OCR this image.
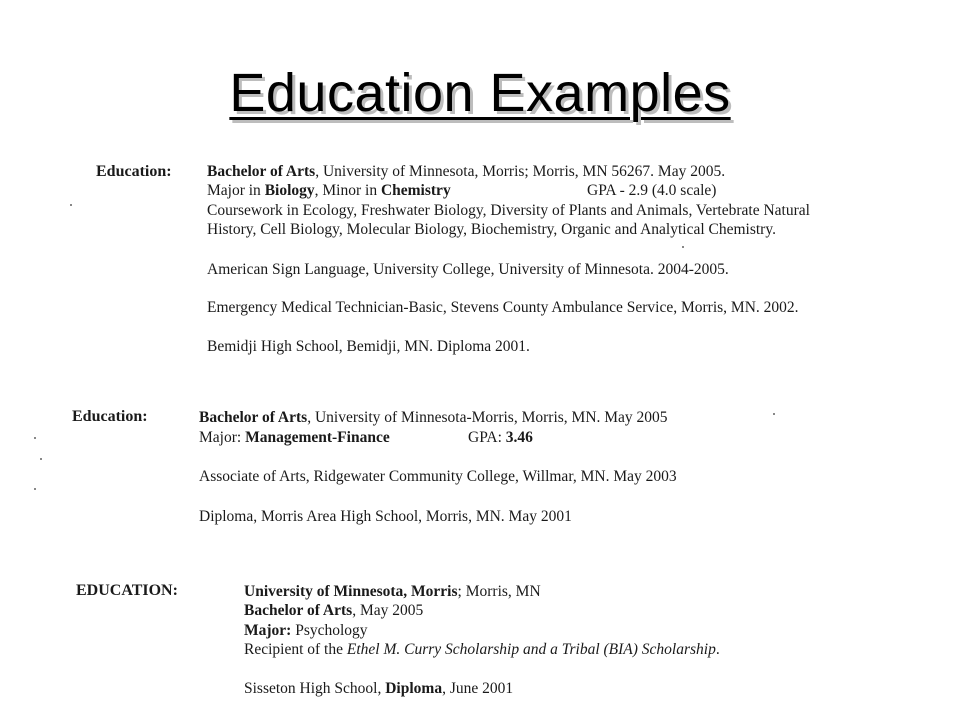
Education Examples
Education: Bachelor of Arts, University of Minnesota, Morris; Morris, MN 56267. May 2005.
Major in Biology, Minor in Chemistry	GPA - 2.9 (4.0 scale)
Coursework in Ecology, Freshwater Biology, Diversity of Plants and Animals, Vertebrate Natural
History, Cell Biology, Molecular Biology, Biochemistry, Organic and Analytical Chemistry.
American Sign Language, University College, University of Minnesota. 2004-2005.
Emergency Medical Technician-Basic, Stevens County Ambulance Service, Morris, MN. 2002.
Bemidji High School, Bemidji, MN. Diploma 2001.
Education:	Bachelor of Arts, University of Minnesota-Morris, Morris, MN. May 2005
Major: Management-Finance	GPA: 3.46
Associate of Arts, Ridgewater Community College, Willmar, MN. May 2003
Diploma, Morris Area High School, Morris, MN. May 2001
EDUCATION:	University of Minnesota, Morris; Morris, MN
Bachelor of Arts, May 2005
Major: Psychology
Recipient of the Ethel M. Curry Scholarship and a Tribal (BIA) Scholarship.
Sisseton High School, Diploma, June 2001
